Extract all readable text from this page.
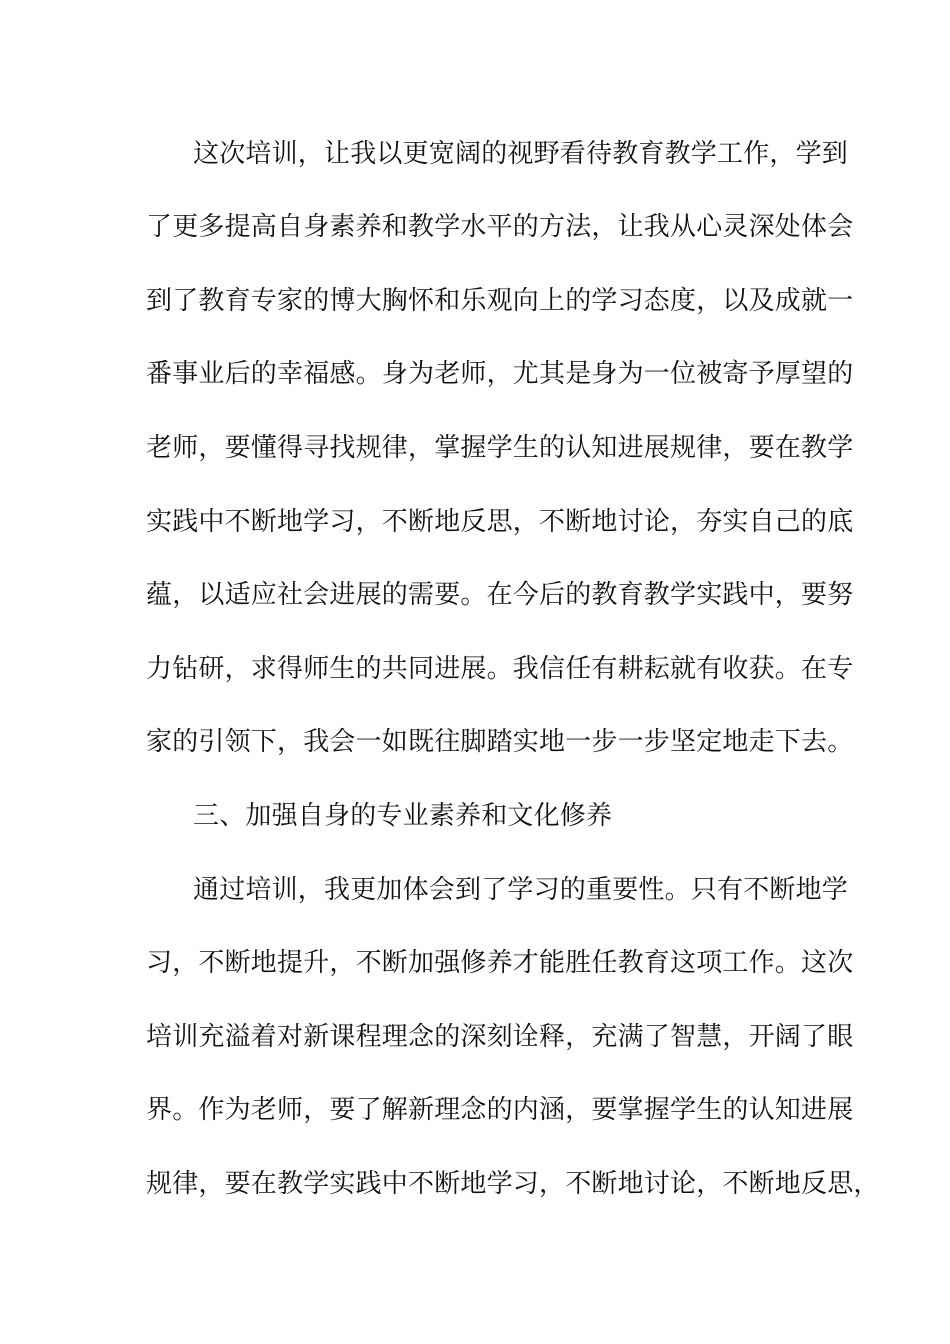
这次培训，让我以更宽阔的视野看待教育教学工作，学到
了更多提高自身素养和教学水平的方法，让我从心灵深处体会
到了教育专家的博大胸怀和乐观向上的学习态度，以及成就一
番事业后的幸福感。身为老师，尤其是身为一位被寄予厚望的
老师，要懂得寻找规律，掌握学生的认知进展规律，要在教学
实践中不断地学习，不断地反思，不断地讨论，夯实自己的底
蕴，以适应社会进展的需要。在今后的教育教学实践中，要努
力钻研，求得师生的共同进展。我信任有耕耘就有收获。在专
家的引领下，我会一如既往脚踏实地一步一步坚定地走下去。
三、加强自身的专业素养和文化修养
通过培训，我更加体会到了学习的重要性。只有不断地学
习，不断地提升，不断加强修养才能胜任教育这项工作。这次
培训充溢着对新课程理念的深刻诠释，充满了智慧，开阔了眼
界。作为老师，要了解新理念的内涵，要掌握学生的认知进展
规律，要在教学实践中不断地学习，不断地讨论，不断地反思，
